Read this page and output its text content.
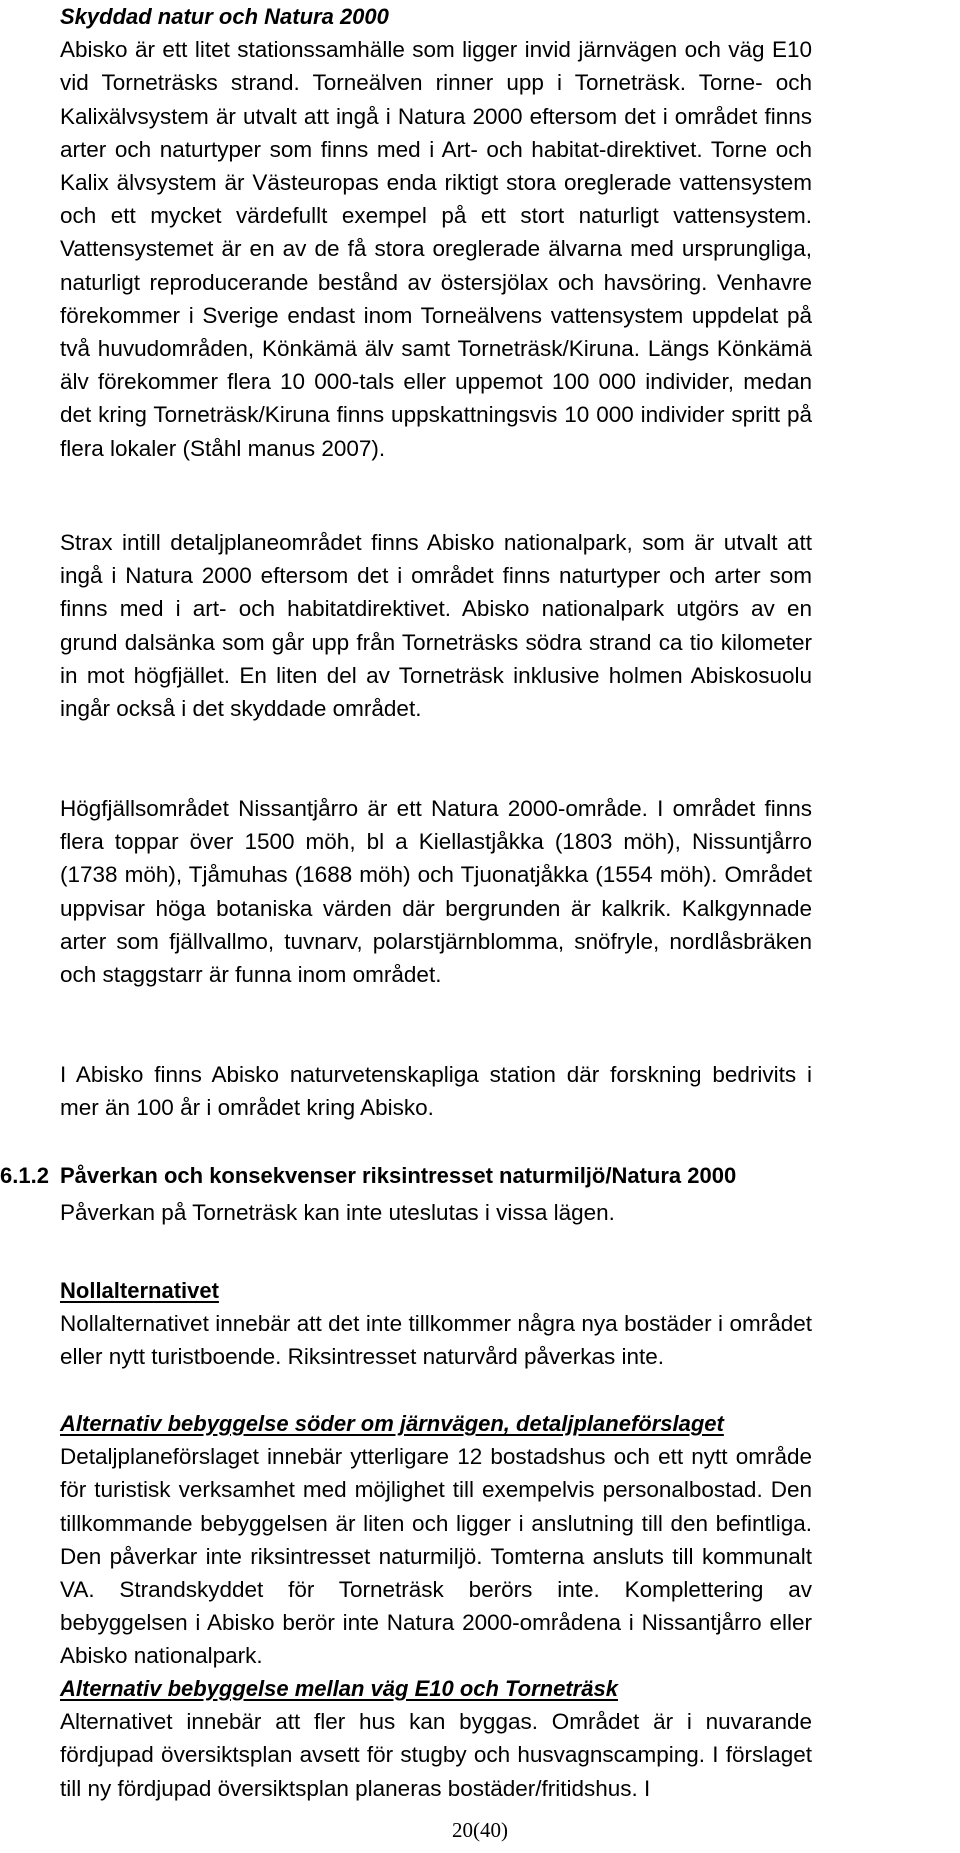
Skyddad natur och Natura 2000

Abisko är ett litet stationssamhälle som ligger invid järnvägen och väg E10 vid Torneträsks strand. Torneälven rinner upp i Torneträsk. Torne- och Kalixälvsystem är utvalt att ingå i Natura 2000 eftersom det i området finns arter och naturtyper som finns med i Art- och habitat-direktivet. Torne och Kalix älvsystem är Västeuropas enda riktigt stora oreglerade vattensystem och ett mycket värdefullt exempel på ett stort naturligt vattensystem. Vattensystemet är en av de få stora oreglerade älvarna med ursprungliga, naturligt reproducerande bestånd av östersjölax och havsöring. Venhavre förekommer i Sverige endast inom Torneälvens vattensystem uppdelat på två huvudområden, Könkämä älv samt Torneträsk/Kiruna. Längs Könkämä älv förekommer flera 10 000-tals eller uppemot 100 000 individer, medan det kring Torneträsk/Kiruna finns uppskattningsvis 10 000 individer spritt på flera lokaler (Ståhl manus 2007).

Strax intill detaljplaneområdet finns Abisko nationalpark, som är utvalt att ingå i Natura 2000 eftersom det i området finns naturtyper och arter som finns med i art- och habitatdirektivet. Abisko nationalpark utgörs av en grund dalsänka som går upp från Torneträsks södra strand ca tio kilometer in mot högfjället. En liten del av Torneträsk inklusive holmen Abiskosuolu ingår också i det skyddade området.

Högfjällsområdet Nissantjårro är ett Natura 2000-område. I området finns flera toppar över 1500 möh, bl a Kiellastjåkka (1803 möh), Nissuntjårro (1738 möh), Tjåmuhas (1688 möh) och Tjuonatjåkka (1554 möh). Området uppvisar höga botaniska värden där bergrunden är kalkrik. Kalkgynnade arter som fjällvallmo, tuvnarv, polarstjärnblomma, snöfryle, nordlåsbräken och staggstarr är funna inom området.

I Abisko finns Abisko naturvetenskapliga station där forskning bedrivits i mer än 100 år i området kring Abisko.

6.1.2 Påverkan och konsekvenser riksintresset naturmiljö/Natura 2000

Påverkan på Torneträsk kan inte uteslutas i vissa lägen.

Nollalternativet

Nollalternativet innebär att det inte tillkommer några nya bostäder i området eller nytt turistboende. Riksintresset naturvård påverkas inte.

Alternativ bebyggelse söder om järnvägen, detaljplaneförslaget

Detaljplaneförslaget innebär ytterligare 12 bostadshus och ett nytt område för turistisk verksamhet med möjlighet till exempelvis personalbostad. Den tillkommande bebyggelsen är liten och ligger i anslutning till den befintliga. Den påverkar inte riksintresset naturmiljö. Tomterna ansluts till kommunalt VA. Strandskyddet för Torneträsk berörs inte. Komplettering av bebyggelsen i Abisko berör inte Natura 2000-områdena i Nissantjårro eller Abisko nationalpark.

Alternativ bebyggelse mellan väg E10 och Torneträsk

Alternativet innebär att fler hus kan byggas. Området är i nuvarande fördjupad översiktsplan avsett för stugby och husvagnscamping. I förslaget till ny fördjupad översiktsplan planeras bostäder/fritidshus. I

20(40)
